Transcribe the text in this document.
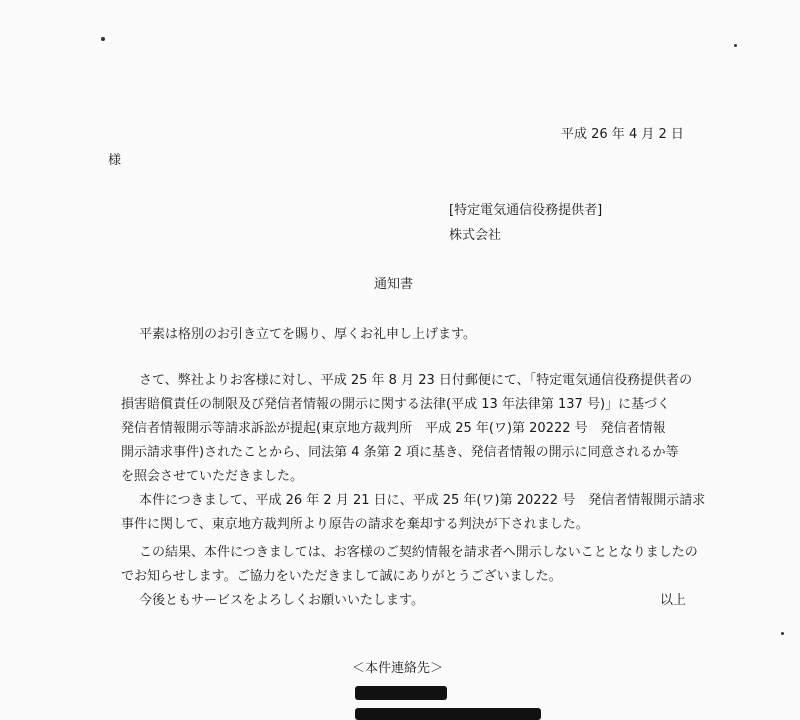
平成 26 年 4 月 2 日
様
[特定電気通信役務提供者]
株式会社
通知書
平素は格別のお引き立てを賜り、厚くお礼申し上げます。
さて、弊社よりお客様に対し、平成 25 年 8 月 23 日付郵便にて、「特定電気通信役務提供者の
損害賠償責任の制限及び発信者情報の開示に関する法律(平成 13 年法律第 137 号)」に基づく
発信者情報開示等請求訴訟が提起(東京地方裁判所　平成 25 年(ワ)第 20222 号　発信者情報
開示請求事件)されたことから、同法第 4 条第 2 項に基き、発信者情報の開示に同意されるか等
を照会させていただきました。
本件につきまして、平成 26 年 2 月 21 日に、平成 25 年(ワ)第 20222 号　発信者情報開示請求
事件に関して、東京地方裁判所より原告の請求を棄却する判決が下されました。
この結果、本件につきましては、お客様のご契約情報を請求者へ開示しないこととなりましたの
でお知らせします。ご協力をいただきまして誠にありがとうございました。
今後ともサービスをよろしくお願いいたします。	以上
＜本件連絡先＞
